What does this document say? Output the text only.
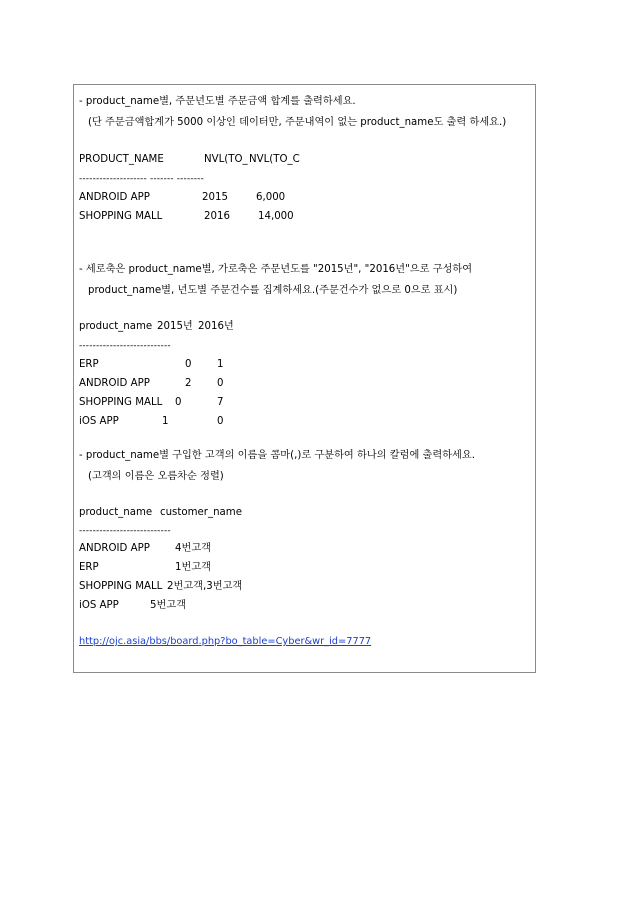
- product_name별, 주문년도별 주문금액 합계를 출력하세요.
(단 주문금액합계가 5000 이상인 데이터만, 주문내역이 없는 product_name도 출력 하세요.)
PRODUCT_NAME	NVL(TO_ NVL(TO_C
-------------------- ------- --------
ANDROID APP	2015	6,000
SHOPPING MALL	2016	14,000
- 세로축은 product_name별, 가로축은 주문년도를 "2015년", "2016년"으로 구성하여
product_name별, 년도별 주문건수를 집계하세요.(주문건수가 없으로 0으로 표시)
product_name 2015년 2016년
---------------------------
ERP	0	1
ANDROID APP	2	0
SHOPPING MALL 0	7
iOS APP	1	0
- product_name별 구입한 고객의 이름을 콤마(,)로 구분하여 하나의 칼럼에 출력하세요.
(고객의 이름은 오름차순 정렬)
product_name customer_name
---------------------------
ANDROID APP 4번고객
ERP	1번고객
SHOPPING MALL 2번고객,3번고객
iOS APP	5번고객
http://ojc.asia/bbs/board.php?bo_table=Cyber&wr_id=7777
